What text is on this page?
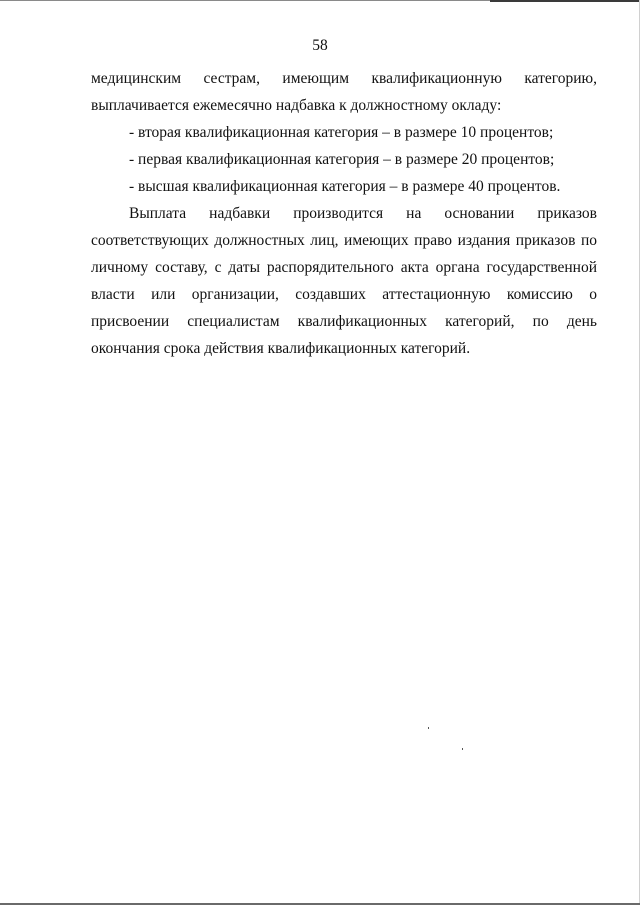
58

медицинским сестрам, имеющим квалификационную категорию,

выплачивается ежемесячно надбавка к должностному окладу:

- вторая квалификационная категория – в размере 10 процентов;

- первая квалификационная категория – в размере 20 процентов;

- высшая квалификационная категория – в размере 40 процентов.

Выплата надбавки производится на основании приказов соответствующих должностных лиц, имеющих право издания приказов по личному составу, с даты распорядительного акта органа государственной власти или организации, создавших аттестационную комиссию о присвоении специалистам квалификационных категорий, по день окончания срока действия квалификационных категорий.
